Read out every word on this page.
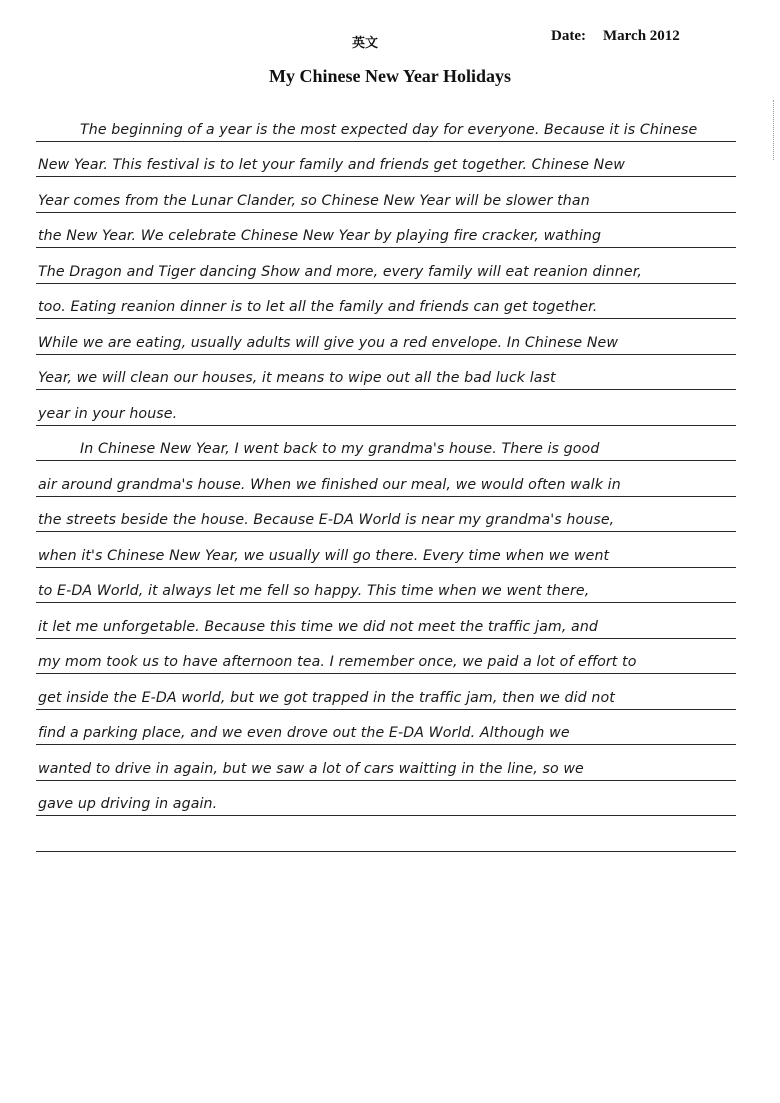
英文	Date: March 2012
My Chinese New Year Holidays
The beginning of a year is the most expected day for everyone. Because it is Chinese
New Year. This festival is to let your family and friends get together. Chinese New
Year comes from the Lunar Clander, so Chinese New Year will be slower than
the New Year. We celebrate Chinese New Year by playing fire cracker, wathing
The Dragon and Tiger dancing Show and more, every family will eat reanion dinner,
too. Eating reanion dinner is to let all the family and friends can get together.
While we are eating, usually adults will give you a red envelope. In Chinese New
Year, we will clean our houses, it means to wipe out all the bad luck last
year in your house.
In Chinese New Year, I went back to my grandma's house. There is good
air around grandma's house. When we finished our meal, we would often walk in
the streets beside the house. Because E-DA World is near my grandma's house,
when it's Chinese New Year, we usually will go there. Every time when we went
to E-DA World, it always let me fell so happy. This time when we went there,
it let me unforgetable. Because this time we did not meet the traffic jam, and
my mom took us to have afternoon tea. I remember once, we paid a lot of effort to
get inside the E-DA world, but we got trapped in the traffic jam, then we did not
find a parking place, and we even drove out the E-DA World. Although we
wanted to drive in again, but we saw a lot of cars waitting in the line, so we
gave up driving in again.
